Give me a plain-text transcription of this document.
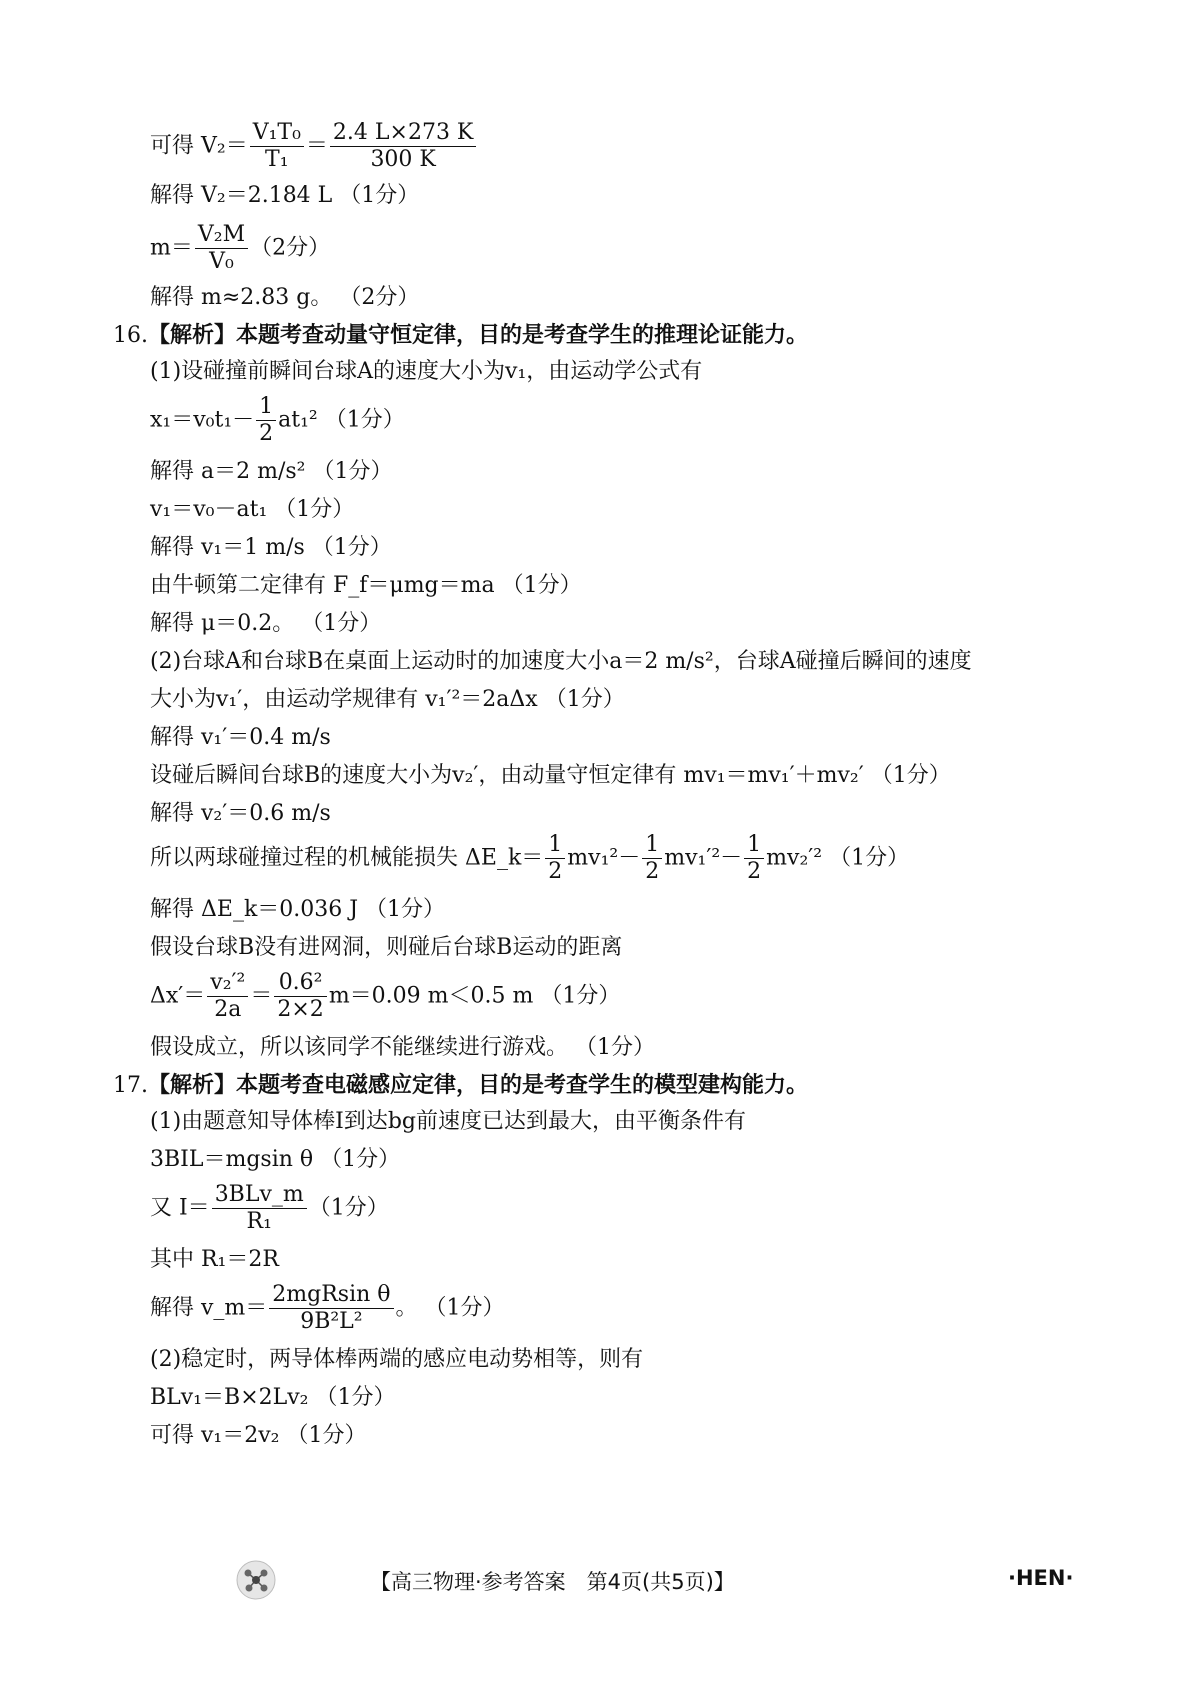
可得 $V_2= \frac{\text{V₁T₀}}{\text{T₁}} = \frac{2.4 L\times 273 K}{300 K}$
解得 V₂＝2.184 L （1分）
$m= \frac{\text{V₂M}}{\text{V₀}} (2$分）
解得 m≈2.83 g。 （2分）
16.【解析】本题考查动量守恒定律，目的是考查学生的推理论证能力。
(1)设碰撞前瞬间台球A的速度大小为v₁，由运动学公式有
$x_1=v_0t_1- \frac{1}{2} at_1^2$ （1分）
解得 a＝2 m/s² （1分）
v₁＝v₀－at₁ （1分）
解得 v₁＝1 m/s （1分）
由牛顿第二定律有 F_f＝μmg＝ma （1分）
解得 μ＝0.2。 （1分）
(2)台球A和台球B在桌面上运动时的加速度大小a＝2 m/s²，台球A碰撞后瞬间的速度
大小为v₁′，由运动学规律有 v₁′²＝2aΔx （1分）
解得 v₁′＝0.4 m/s
设碰后瞬间台球B的速度大小为v₂′，由动量守恒定律有 mv₁＝mv₁′＋mv₂′ （1分）
解得 v₂′＝0.6 m/s
所以两球碰撞过程的机械能损失 ΔE_k＝ $\frac{1}{2} mv_1^2- \frac{1}{2} mv_1'^2- \frac{1}{2} mv_2'^2$ （1分）
解得 ΔE_k＝0.036 J （1分）
假设台球B没有进网洞，则碰后台球B运动的距离
$\Delta x'= \frac{\text{v₂′²}}{2a} = \frac{\text{0.6²}}{2\times 2} m=0.09$ m＜0.5 m （1分）
假设成立，所以该同学不能继续进行游戏。 （1分）
17.【解析】本题考查电磁感应定律，目的是考查学生的模型建构能力。
(1)由题意知导体棒Ⅰ到达bg前速度已达到最大，由平衡条件有
3BIL＝mgsin θ （1分）
又 $I= \frac{\text{3BLv\_m}}{\text{R₁}} (1$分）
其中 R₁＝2R
解得 v_m＝ $\frac{\text{2mgRsin θ}}{\text{9B²L²}}$ 。 （1分）
(2)稳定时，两导体棒两端的感应电动势相等，则有
BLv₁＝B×2Lv₂ （1分）
可得 v₁＝2v₂ （1分）
【高三物理·参考答案　第4页(共5页)】	·HEN·
